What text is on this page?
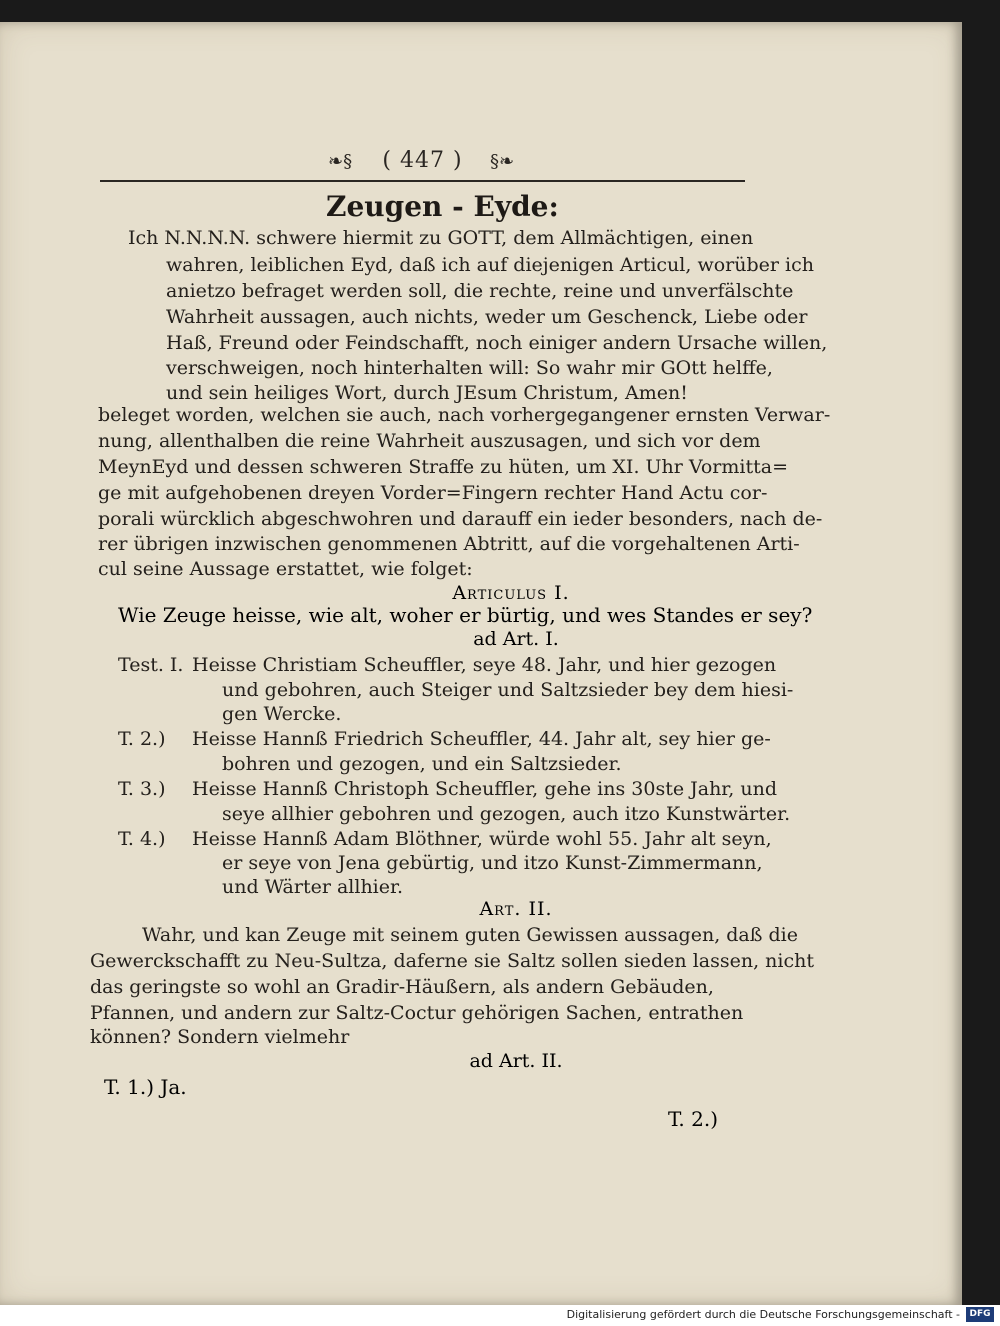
❧§	( 447 )	§❧
Zeugen - Eyde:
Ich N.N.N.N. schwere hiermit zu GOTT, dem Allmächtigen, einen
wahren, leiblichen Eyd, daß ich auf diejenigen Articul, worüber ich
anietzo befraget werden soll, die rechte, reine und unverfälschte
Wahrheit aussagen, auch nichts, weder um Geschenck, Liebe oder
Haß, Freund oder Feindschafft, noch einiger andern Ursache willen,
verschweigen, noch hinterhalten will: So wahr mir GOtt helffe,
und sein heiliges Wort, durch JEsum Christum, Amen!
beleget worden, welchen sie auch, nach vorhergegangener ernsten Verwar-
nung, allenthalben die reine Wahrheit auszusagen, und sich vor dem
MeynEyd und dessen schweren Straffe zu hüten, um XI. Uhr Vormitta=
ge mit aufgehobenen dreyen Vorder=Fingern rechter Hand Actu cor-
porali würcklich abgeschwohren und darauff ein ieder besonders, nach de-
rer übrigen inzwischen genommenen Abtritt, auf die vorgehaltenen Arti-
cul seine Aussage erstattet, wie folget:
Articulus I.
Wie Zeuge heisse, wie alt, woher er bürtig, und wes Standes er sey?
ad Art. I.
Test. I. Heisse Christiam Scheuffler, seye 48. Jahr, und hier gezogen
und gebohren, auch Steiger und Saltzsieder bey dem hiesi-
gen Wercke.
T. 2.) Heisse Hannß Friedrich Scheuffler, 44. Jahr alt, sey hier ge-
bohren und gezogen, und ein Saltzsieder.
T. 3.) Heisse Hannß Christoph Scheuffler, gehe ins 30ste Jahr, und
seye allhier gebohren und gezogen, auch itzo Kunstwärter.
T. 4.) Heisse Hannß Adam Blöthner, würde wohl 55. Jahr alt seyn,
er seye von Jena gebürtig, und itzo Kunst-Zimmermann,
und Wärter allhier.
Art. II.
Wahr, und kan Zeuge mit seinem guten Gewissen aussagen, daß die
Gewerckschafft zu Neu-Sultza, daferne sie Saltz sollen sieden lassen, nicht
das geringste so wohl an Gradir-Häußern, als andern Gebäuden,
Pfannen, und andern zur Saltz-Coctur gehörigen Sachen, entrathen
können? Sondern vielmehr
ad Art. II.
T. 1.) Ja.
T. 2.)
Digitalisierung gefördert durch die Deutsche Forschungsgemeinschaft -	DFG
